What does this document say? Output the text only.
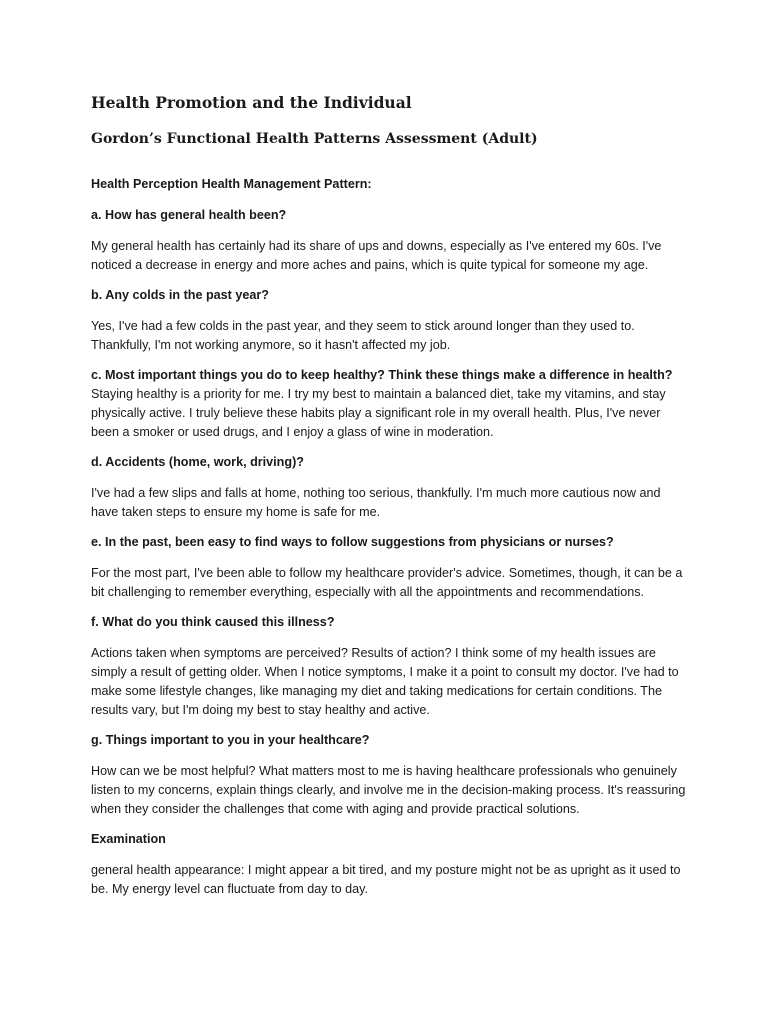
Health Promotion and the Individual
Gordon’s Functional Health Patterns Assessment (Adult)
Health Perception Health Management Pattern:
a. How has general health been?
My general health has certainly had its share of ups and downs, especially as I've entered my 60s. I've noticed a decrease in energy and more aches and pains, which is quite typical for someone my age.
b. Any colds in the past year?
Yes, I've had a few colds in the past year, and they seem to stick around longer than they used to. Thankfully, I'm not working anymore, so it hasn't affected my job.
c. Most important things you do to keep healthy? Think these things make a difference in health?
Staying healthy is a priority for me. I try my best to maintain a balanced diet, take my vitamins, and stay physically active. I truly believe these habits play a significant role in my overall health. Plus, I've never been a smoker or used drugs, and I enjoy a glass of wine in moderation.
d. Accidents (home, work, driving)?
I've had a few slips and falls at home, nothing too serious, thankfully. I'm much more cautious now and have taken steps to ensure my home is safe for me.
e. In the past, been easy to find ways to follow suggestions from physicians or nurses?
For the most part, I've been able to follow my healthcare provider's advice. Sometimes, though, it can be a bit challenging to remember everything, especially with all the appointments and recommendations.
f. What do you think caused this illness?
Actions taken when symptoms are perceived? Results of action? I think some of my health issues are simply a result of getting older. When I notice symptoms, I make it a point to consult my doctor. I've had to make some lifestyle changes, like managing my diet and taking medications for certain conditions. The results vary, but I'm doing my best to stay healthy and active.
g. Things important to you in your healthcare?
How can we be most helpful? What matters most to me is having healthcare professionals who genuinely listen to my concerns, explain things clearly, and involve me in the decision-making process. It's reassuring when they consider the challenges that come with aging and provide practical solutions.
Examination
general health appearance: I might appear a bit tired, and my posture might not be as upright as it used to be. My energy level can fluctuate from day to day.
